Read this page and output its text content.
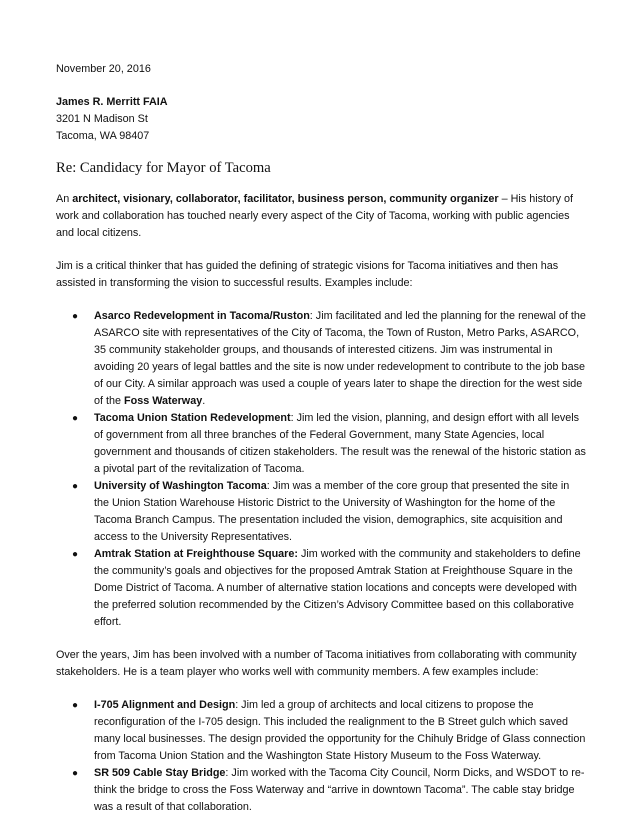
November 20, 2016

James R. Merritt FAIA

3201 N Madison St

Tacoma, WA 98407

Re: Candidacy for Mayor of Tacoma

An architect, visionary, collaborator, facilitator, business person, community organizer – His history of work and collaboration has touched nearly every aspect of the City of Tacoma, working with public agencies and local citizens.

Jim is a critical thinker that has guided the defining of strategic visions for Tacoma initiatives and then has assisted in transforming the vision to successful results. Examples include:

● Asarco Redevelopment in Tacoma/Ruston: Jim facilitated and led the planning for the renewal of the ASARCO site with representatives of the City of Tacoma, the Town of Ruston, Metro Parks, ASARCO, 35 community stakeholder groups, and thousands of interested citizens. Jim was instrumental in avoiding 20 years of legal battles and the site is now under redevelopment to contribute to the job base of our City. A similar approach was used a couple of years later to shape the direction for the west side of the Foss Waterway.
● Tacoma Union Station Redevelopment: Jim led the vision, planning, and design effort with all levels of government from all three branches of the Federal Government, many State Agencies, local government and thousands of citizen stakeholders. The result was the renewal of the historic station as a pivotal part of the revitalization of Tacoma.
● University of Washington Tacoma: Jim was a member of the core group that presented the site in the Union Station Warehouse Historic District to the University of Washington for the home of the Tacoma Branch Campus. The presentation included the vision, demographics, site acquisition and access to the University Representatives.
● Amtrak Station at Freighthouse Square: Jim worked with the community and stakeholders to define the community’s goals and objectives for the proposed Amtrak Station at Freighthouse Square in the Dome District of Tacoma. A number of alternative station locations and concepts were developed with the preferred solution recommended by the Citizen’s Advisory Committee based on this collaborative effort.

Over the years, Jim has been involved with a number of Tacoma initiatives from collaborating with community stakeholders. He is a team player who works well with community members. A few examples include:

● I-705 Alignment and Design: Jim led a group of architects and local citizens to propose the reconfiguration of the I-705 design. This included the realignment to the B Street gulch which saved many local businesses. The design provided the opportunity for the Chihuly Bridge of Glass connection from Tacoma Union Station and the Washington State History Museum to the Foss Waterway.
● SR 509 Cable Stay Bridge: Jim worked with the Tacoma City Council, Norm Dicks, and WSDOT to re-think the bridge to cross the Foss Waterway and “arrive in downtown Tacoma”. The cable stay bridge was a result of that collaboration.
